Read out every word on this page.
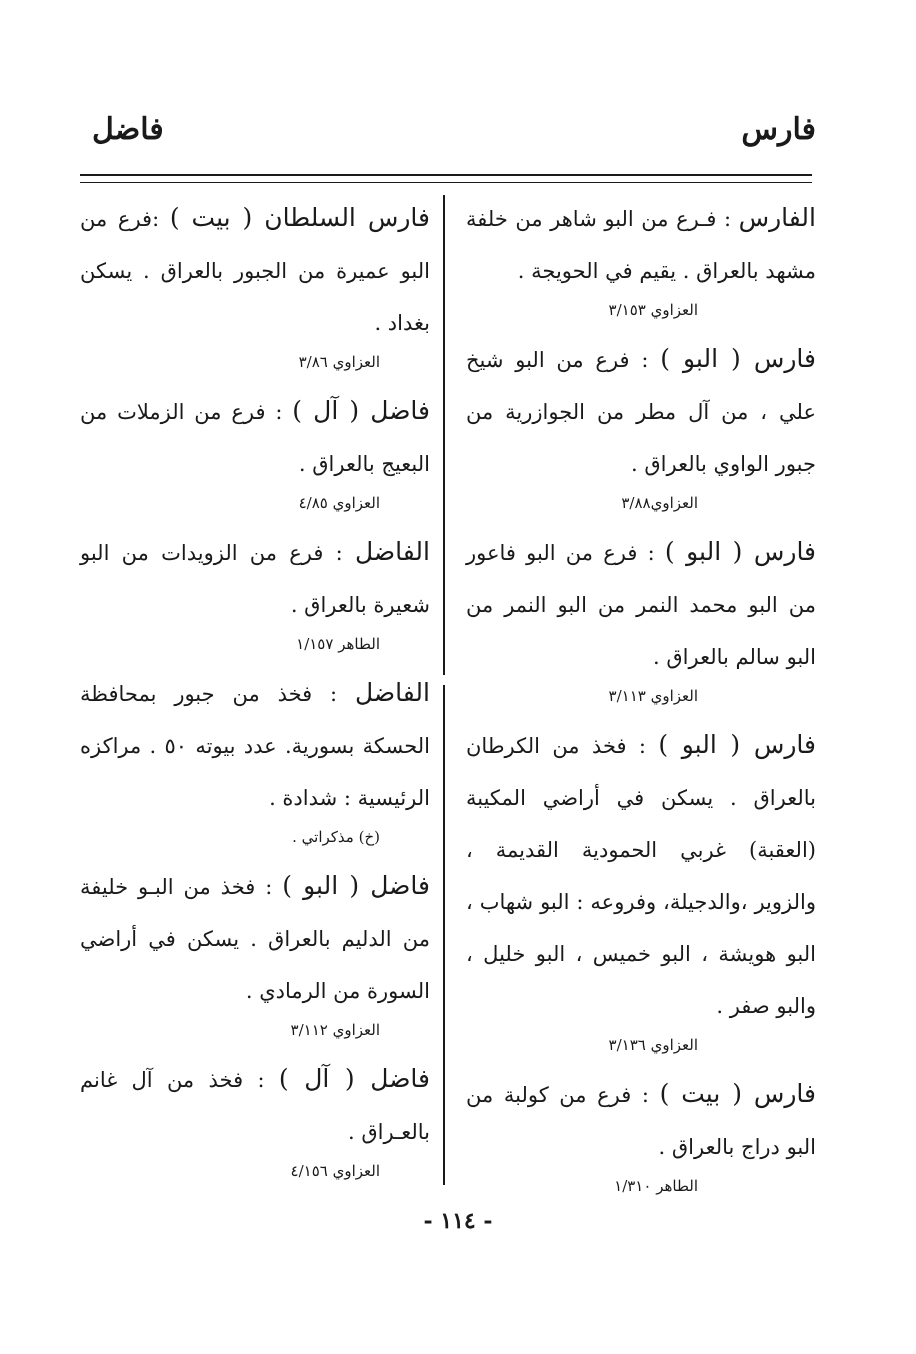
فارس
فاضل
الفارس : فـرع من البو شاهر من خلفة مشهد بالعراق . يقيم في الحويجة .
العزاوي ٣/١٥٣
فارس ( البو ) : فرع من البو شيخ علي ، من آل مطر من الجوازرية من جبور الواوي بالعراق .
العزاوي٣/٨٨
فارس ( البو ) : فرع من البو فاعور من البو محمد النمر من البو النمر من البو سالم بالعراق .
العزاوي ٣/١١٣
فارس ( البو ) : فخذ من الكرطان بالعراق . يسكن في أراضي المكيبة (العقبة) غربي الحمودية القديمة ، والزوير ،والدجيلة، وفروعه : البو شهاب ، البو هويشة ، البو خميس ، البو خليل ، والبو صفر .
العزاوي ٣/١٣٦
فارس ( بيت ) : فرع من كولبة من البو دراج بالعراق .
الطاهر ١/٣١٠
فارس السلطان ( بيت ) :فرع من البو عميرة من الجبور بالعراق . يسكن بغداد .
العزاوي ٣/٨٦
فاضل ( آل ) : فرع من الزملات من البعيج بالعراق .
العزاوي ٤/٨٥
الفاضل : فرع من الزويدات من البو شعيرة بالعراق .
الطاهر ١/١٥٧
الفاضل : فخذ من جبور بمحافظة الحسكة بسورية. عدد بيوته ٥٠ . مراكزه الرئيسية : شدادة .
(خ) مذكراتي .
فاضل ( البو ) : فخذ من البـو خليفة من الدليم بالعراق . يسكن في أراضي السورة من الرمادي .
العزاوي ٣/١١٢
فاضل ( آل ) : فخذ من آل غانم بالعـراق .
العزاوي ٤/١٥٦
- ١١٤ -
